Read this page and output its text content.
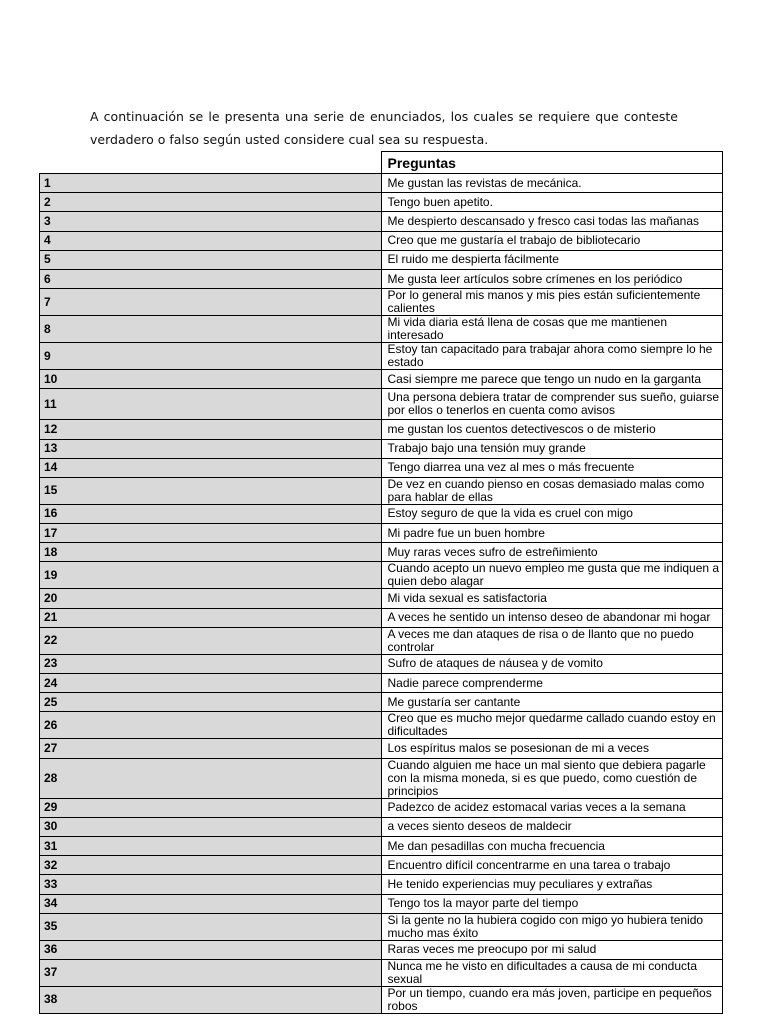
A continuación se le presenta una serie de enunciados, los cuales se requiere que conteste verdadero o falso según usted considere cual sea su respuesta.

	Preguntas
1	Me gustan las revistas de mecánica.
2	Tengo buen apetito.
3	Me despierto descansado y fresco casi todas las mañanas
4	Creo que me gustaría el trabajo de bibliotecario
5	El ruido me despierta fácilmente
6	Me gusta leer artículos sobre crímenes en los periódico
7	Por lo general mis manos y mis pies están suficientemente calientes
8	Mi vida diaria está llena de cosas que me mantienen interesado
9	Estoy tan capacitado para trabajar ahora como siempre lo he estado
10	Casi siempre me parece que tengo un nudo en la garganta
11	Una persona debiera tratar de comprender sus sueño, guiarse por ellos o tenerlos en cuenta como avisos
12	me gustan los cuentos detectivescos o de misterio
13	Trabajo bajo una tensión muy grande
14	Tengo diarrea una vez al mes o más frecuente
15	De vez en cuando pienso en cosas demasiado malas como para hablar de ellas
16	Estoy seguro de que la vida es cruel con migo
17	Mi padre fue un buen hombre
18	Muy raras veces sufro de estreñimiento
19	Cuando acepto un nuevo empleo me gusta que me indiquen a quien debo alagar
20	Mi vida sexual es satisfactoria
21	A veces he sentido un intenso deseo de abandonar mi hogar
22	A veces me dan ataques de risa o de llanto que no puedo controlar
23	Sufro de ataques de náusea y de vomito
24	Nadie parece comprenderme
25	Me gustaría ser cantante
26	Creo que es mucho mejor quedarme callado cuando estoy en dificultades
27	Los espíritus malos se posesionan de mi a veces
28	Cuando alguien me hace un mal siento que debiera pagarle con la misma moneda, si es que puedo, como cuestión de principios
29	Padezco de acidez estomacal varias veces a la semana
30	a veces siento deseos de maldecir
31	Me dan pesadillas con mucha frecuencia
32	Encuentro difícil concentrarme en una tarea o trabajo
33	He tenido experiencias muy peculiares y extrañas
34	Tengo tos la mayor parte del tiempo
35	Si la gente no la hubiera cogido con migo yo hubiera tenido mucho mas éxito
36	Raras veces me preocupo por mi salud
37	Nunca me he visto en dificultades a causa de mi conducta sexual
38	Por un tiempo, cuando era más joven, participe en pequeños robos
